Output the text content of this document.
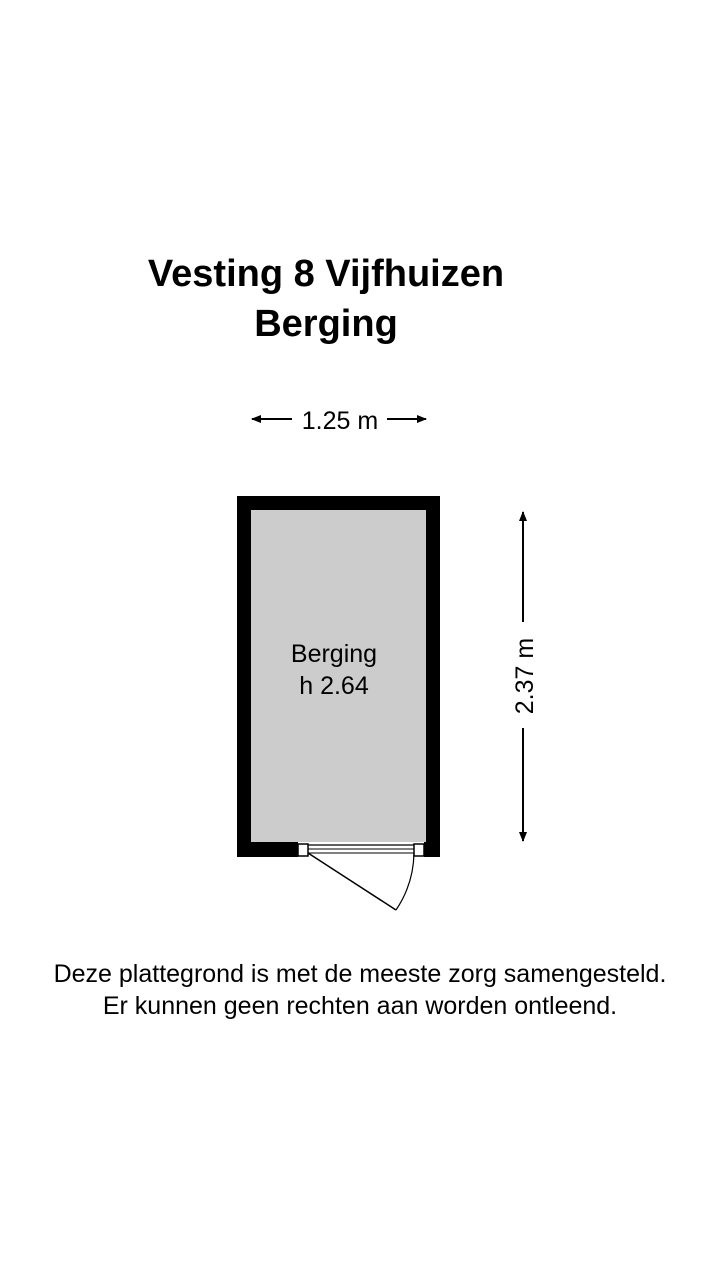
Vesting 8 Vijfhuizen
Berging
1.25 m
Berging
h 2.64	2.37 m
Deze plattegrond is met de meeste zorg samengesteld.
Er kunnen geen rechten aan worden ontleend.
